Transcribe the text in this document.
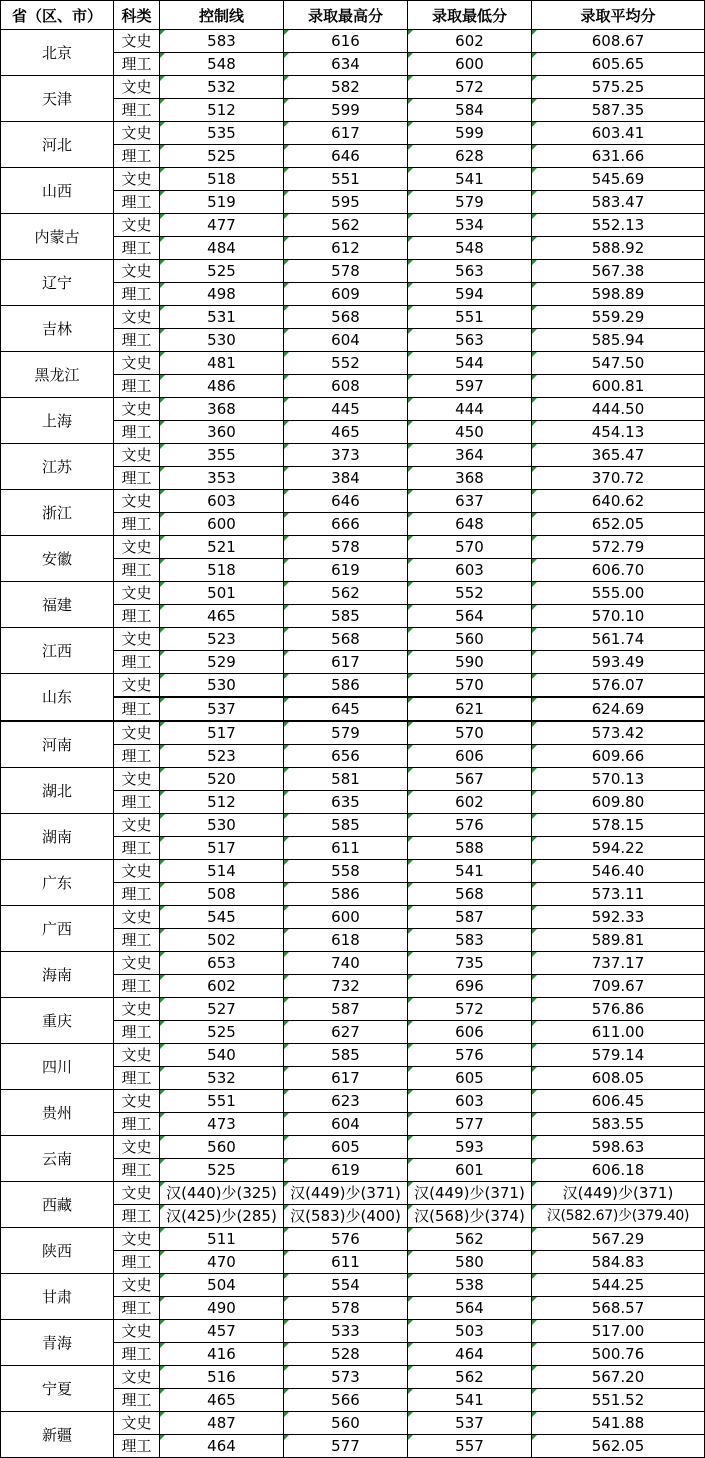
省（区、市）	科类	控制线	录取最高分	录取最低分	录取平均分
北京	文史	583	616	602	608.67
	理工	548	634	600	605.65
天津	文史	532	582	572	575.25
	理工	512	599	584	587.35
河北	文史	535	617	599	603.41
	理工	525	646	628	631.66
山西	文史	518	551	541	545.69
	理工	519	595	579	583.47
内蒙古	文史	477	562	534	552.13
	理工	484	612	548	588.92
辽宁	文史	525	578	563	567.38
	理工	498	609	594	598.89
吉林	文史	531	568	551	559.29
	理工	530	604	563	585.94
黑龙江	文史	481	552	544	547.50
	理工	486	608	597	600.81
上海	文史	368	445	444	444.50
	理工	360	465	450	454.13
江苏	文史	355	373	364	365.47
	理工	353	384	368	370.72
浙江	文史	603	646	637	640.62
	理工	600	666	648	652.05
安徽	文史	521	578	570	572.79
	理工	518	619	603	606.70
福建	文史	501	562	552	555.00
	理工	465	585	564	570.10
江西	文史	523	568	560	561.74
	理工	529	617	590	593.49
山东	文史	530	586	570	576.07
	理工	537	645	621	624.69
河南	文史	517	579	570	573.42
	理工	523	656	606	609.66
湖北	文史	520	581	567	570.13
	理工	512	635	602	609.80
湖南	文史	530	585	576	578.15
	理工	517	611	588	594.22
广东	文史	514	558	541	546.40
	理工	508	586	568	573.11
广西	文史	545	600	587	592.33
	理工	502	618	583	589.81
海南	文史	653	740	735	737.17
	理工	602	732	696	709.67
重庆	文史	527	587	572	576.86
	理工	525	627	606	611.00
四川	文史	540	585	576	579.14
	理工	532	617	605	608.05
贵州	文史	551	623	603	606.45
	理工	473	604	577	583.55
云南	文史	560	605	593	598.63
	理工	525	619	601	606.18
西藏	文史	汉(440)少(325)	汉(449)少(371)	汉(449)少(371)	汉(449)少(371)
	理工	汉(425)少(285)	汉(583)少(400)	汉(568)少(374)	汉(582.67)少(379.40)
陕西	文史	511	576	562	567.29
	理工	470	611	580	584.83
甘肃	文史	504	554	538	544.25
	理工	490	578	564	568.57
青海	文史	457	533	503	517.00
	理工	416	528	464	500.76
宁夏	文史	516	573	562	567.20
	理工	465	566	541	551.52
新疆	文史	487	560	537	541.88
	理工	464	577	557	562.05
